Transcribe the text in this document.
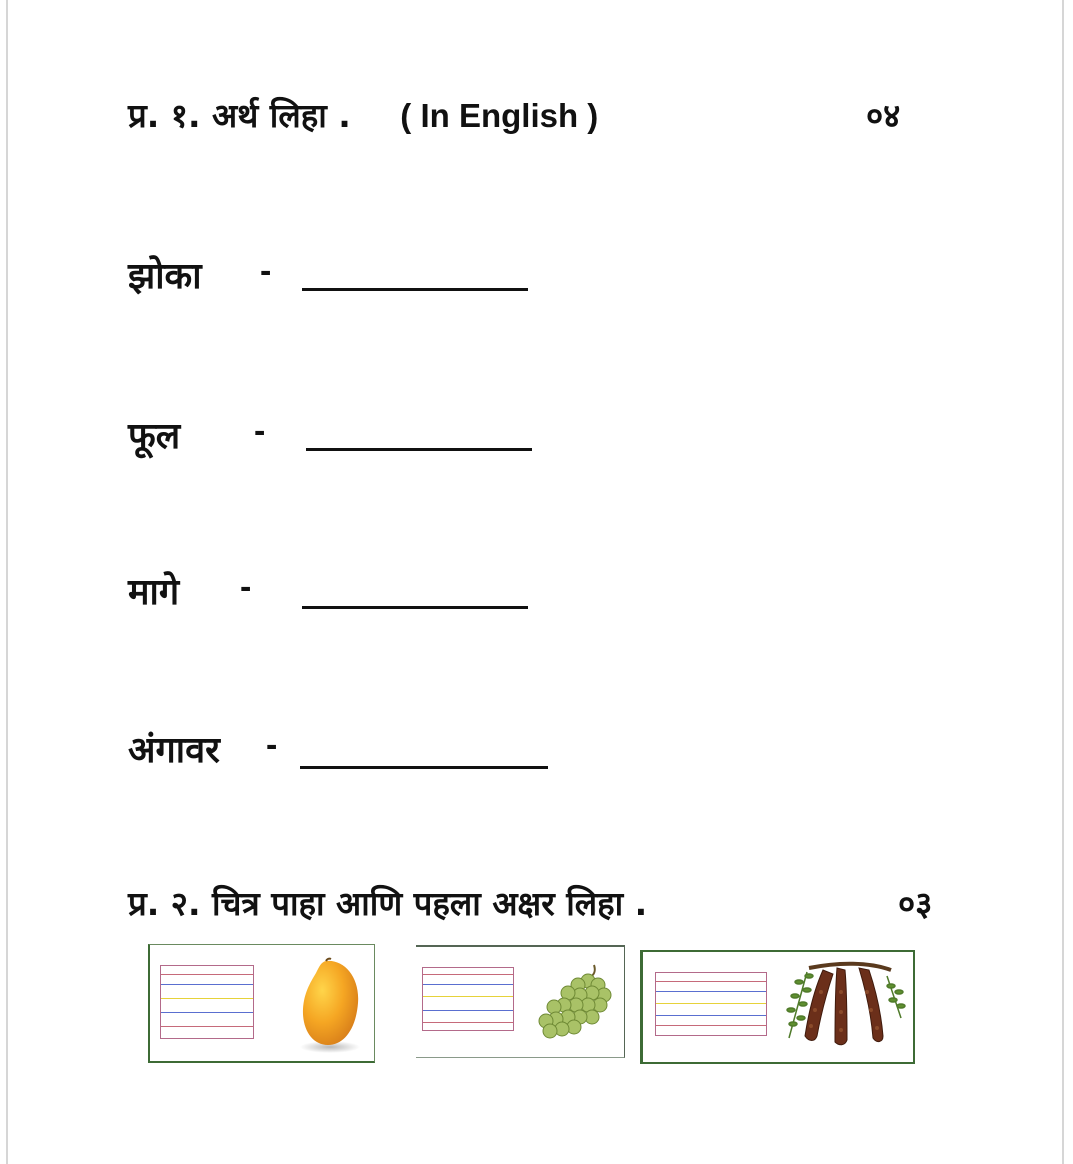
प्र. १. अर्थ लिहा . ( In English )	०४
झोका -
फूल -
मागे -
अंगावर -
प्र. २. चित्र पाहा आणि पहला अक्षर लिहा .	०३
